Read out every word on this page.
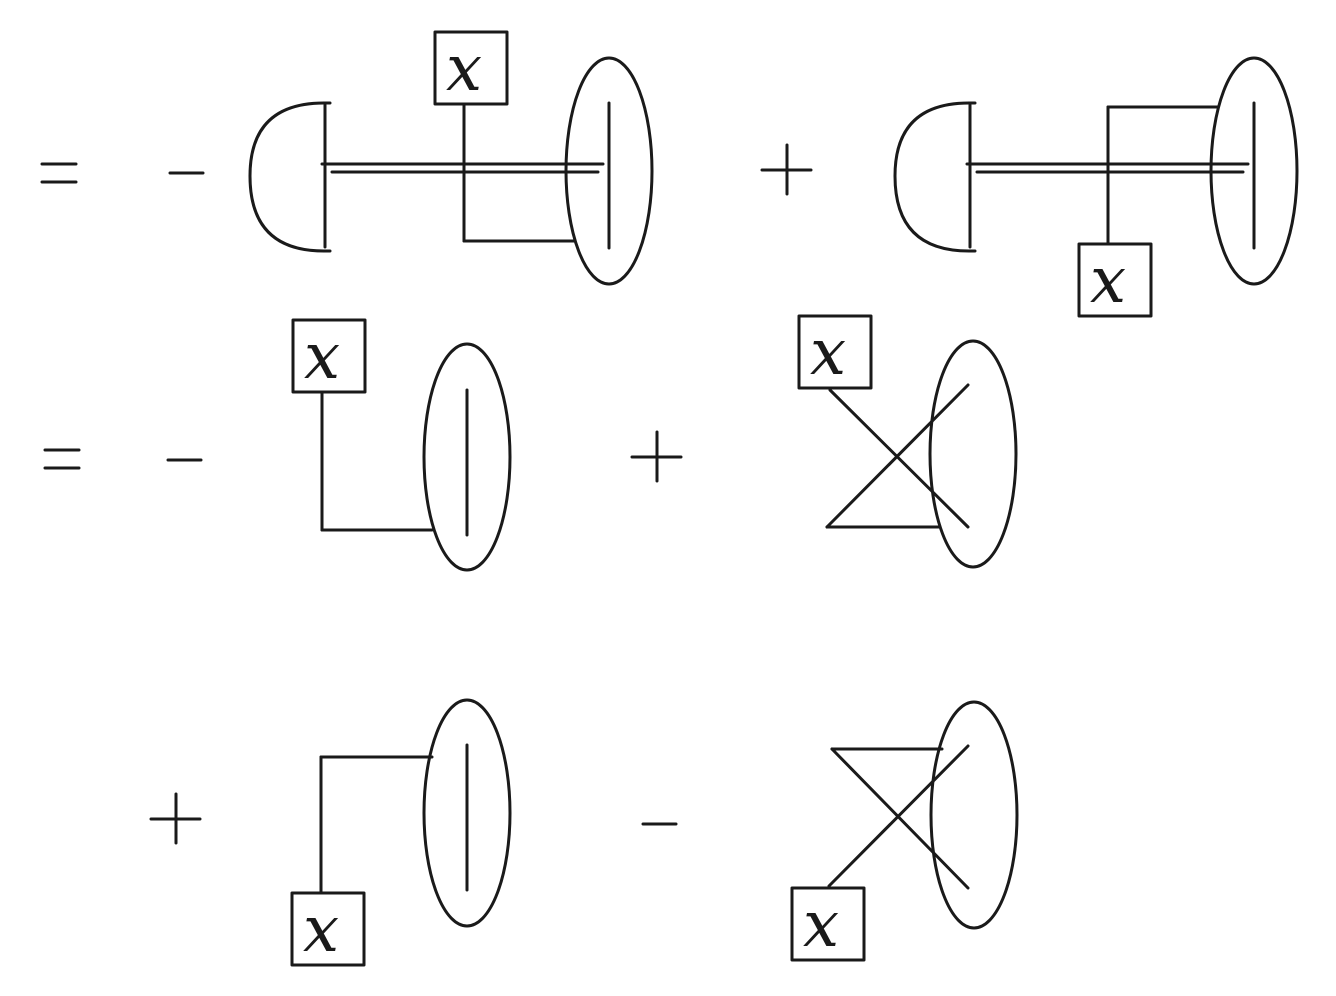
x
x
x	x
x	x
